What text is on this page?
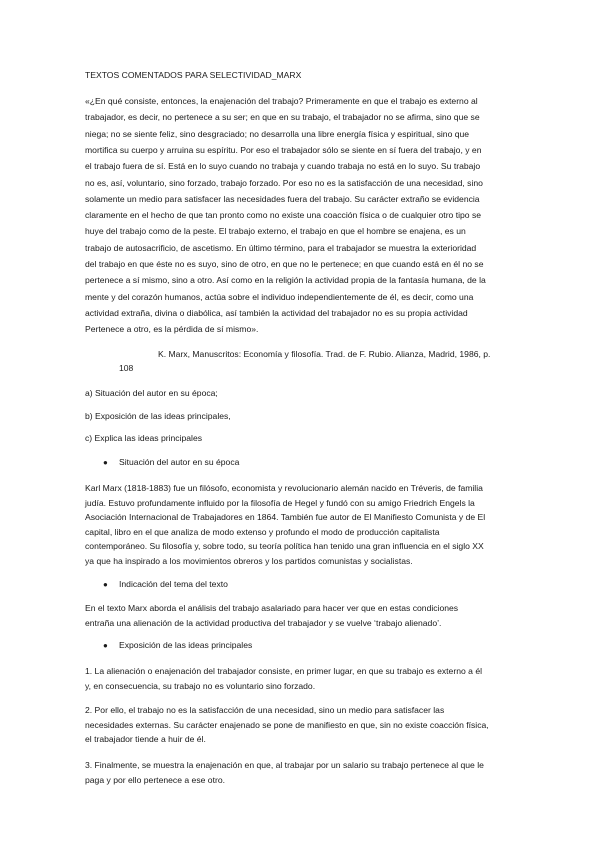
TEXTOS COMENTADOS PARA SELECTIVIDAD_MARX
«¿En qué consiste, entonces, la enajenación del trabajo? Primeramente en que el trabajo es externo al
trabajador, es decir, no pertenece a su ser; en que en su trabajo, el trabajador no se afirma, sino que se
niega; no se siente feliz, sino desgraciado; no desarrolla una libre energía física y espiritual, sino que
mortifica su cuerpo y arruina su espíritu. Por eso el trabajador sólo se siente en sí fuera del trabajo, y en
el trabajo fuera de sí. Está en lo suyo cuando no trabaja y cuando trabaja no está en lo suyo. Su trabajo
no es, así, voluntario, sino forzado, trabajo forzado. Por eso no es la satisfacción de una necesidad, sino
solamente un medio para satisfacer las necesidades fuera del trabajo. Su carácter extraño se evidencia
claramente en el hecho de que tan pronto como no existe una coacción física o de cualquier otro tipo se
huye del trabajo como de la peste. El trabajo externo, el trabajo en que el hombre se enajena, es un
trabajo de autosacrificio, de ascetismo. En último término, para el trabajador se muestra la exterioridad
del trabajo en que éste no es suyo, sino de otro, en que no le pertenece; en que cuando está en él no se
pertenece a sí mismo, sino a otro. Así como en la religión la actividad propia de la fantasía humana, de la
mente y del corazón humanos, actúa sobre el individuo independientemente de él, es decir, como una
actividad extraña, divina o diabólica, así también la actividad del trabajador no es su propia actividad
Pertenece a otro, es la pérdida de sí mismo».
K. Marx, Manuscritos: Economía y filosofía. Trad. de F. Rubio. Alianza, Madrid, 1986, p.
108
a) Situación del autor en su época;
b) Exposición de las ideas principales,
c) Explica las ideas principales
● Situación del autor en su época
Karl Marx (1818-1883) fue un filósofo, economista y revolucionario alemán nacido en Tréveris, de familia
judía. Estuvo profundamente influido por la filosofía de Hegel y fundó con su amigo Friedrich Engels la
Asociación Internacional de Trabajadores en 1864. También fue autor de El Manifiesto Comunista y de El
capital, libro en el que analiza de modo extenso y profundo el modo de producción capitalista
contemporáneo. Su filosofía y, sobre todo, su teoría política han tenido una gran influencia en el siglo XX
ya que ha inspirado a los movimientos obreros y los partidos comunistas y socialistas.
● Indicación del tema del texto
En el texto Marx aborda el análisis del trabajo asalariado para hacer ver que en estas condiciones
entraña una alienación de la actividad productiva del trabajador y se vuelve ‘trabajo alienado’.
● Exposición de las ideas principales
1. La alienación o enajenación del trabajador consiste, en primer lugar, en que su trabajo es externo a él
y, en consecuencia, su trabajo no es voluntario sino forzado.
2. Por ello, el trabajo no es la satisfacción de una necesidad, sino un medio para satisfacer las
necesidades externas. Su carácter enajenado se pone de manifiesto en que, sin no existe coacción física,
el trabajador tiende a huir de él.
3. Finalmente, se muestra la enajenación en que, al trabajar por un salario su trabajo pertenece al que le
paga y por ello pertenece a ese otro.
